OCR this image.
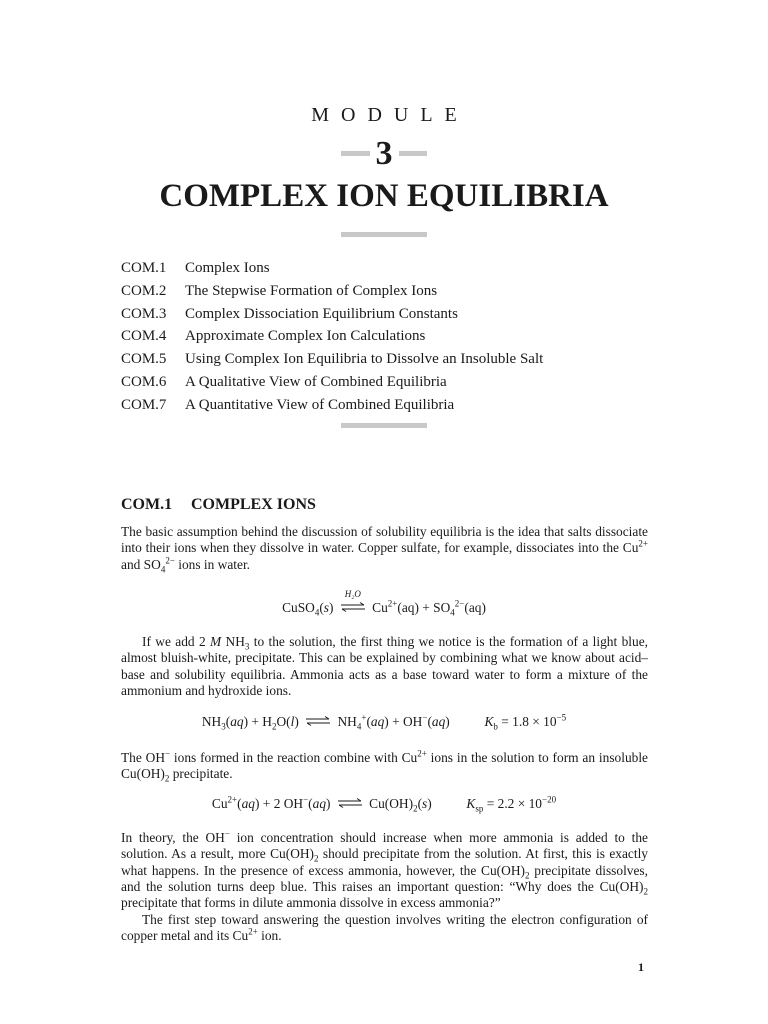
MODULE
3
COMPLEX ION EQUILIBRIA
COM.1	Complex Ions
COM.2	The Stepwise Formation of Complex Ions
COM.3	Complex Dissociation Equilibrium Constants
COM.4	Approximate Complex Ion Calculations
COM.5	Using Complex Ion Equilibria to Dissolve an Insoluble Salt
COM.6	A Qualitative View of Combined Equilibria
COM.7	A Quantitative View of Combined Equilibria
COM.1 COMPLEX IONS
The basic assumption behind the discussion of solubility equilibria is the idea that salts dissociate into their ions when they dissolve in water. Copper sulfate, for example, dissociates into the $Cu^{2+}$ and $SO_4^{2-}$ ions in water.
CuSO$_4$(s)
H₂O
$Cu^{2+}(aq) + SO_4^{2-}(aq)$
If we add 2 M $NH_3$ to the solution, the first thing we notice is the formation of a light blue, almost bluish-white, precipitate. This can be explained by combining what we know about acid–base and solubility equilibria. Ammonia acts as a base toward water to form a mixture of the ammonium and hydroxide ions.
$NH_3(aq) + H_2O(l)$ ⇌ $NH_4^+(aq) + OH^-(aq) K_b = 1.8 \times 10^{-5}$
The OH− ions formed in the reaction combine with $Cu^{2+}$ ions in the solution to form an insoluble $Cu(OH)_2$ precipitate.
$Cu^{2+}(aq) + 2$ OH−(aq) ⇌ $Cu(OH)_2(s) K_{sp} = 2.2 \times 10^{-20}$
In theory, the OH− ion concentration should increase when more ammonia is added to the solution. As a result, more $Cu(OH)_2$ should precipitate from the solution. At first, this is exactly what happens. In the presence of excess ammonia, however, the $Cu(OH)_2$ precipitate dissolves, and the solution turns deep blue. This raises an important question: “Why does the $Cu(OH)_2$ precipitate that forms in dilute ammonia dissolve in excess ammonia?”
The first step toward answering the question involves writing the electron configuration of copper metal and its $Cu^{2+}$ ion.
1
